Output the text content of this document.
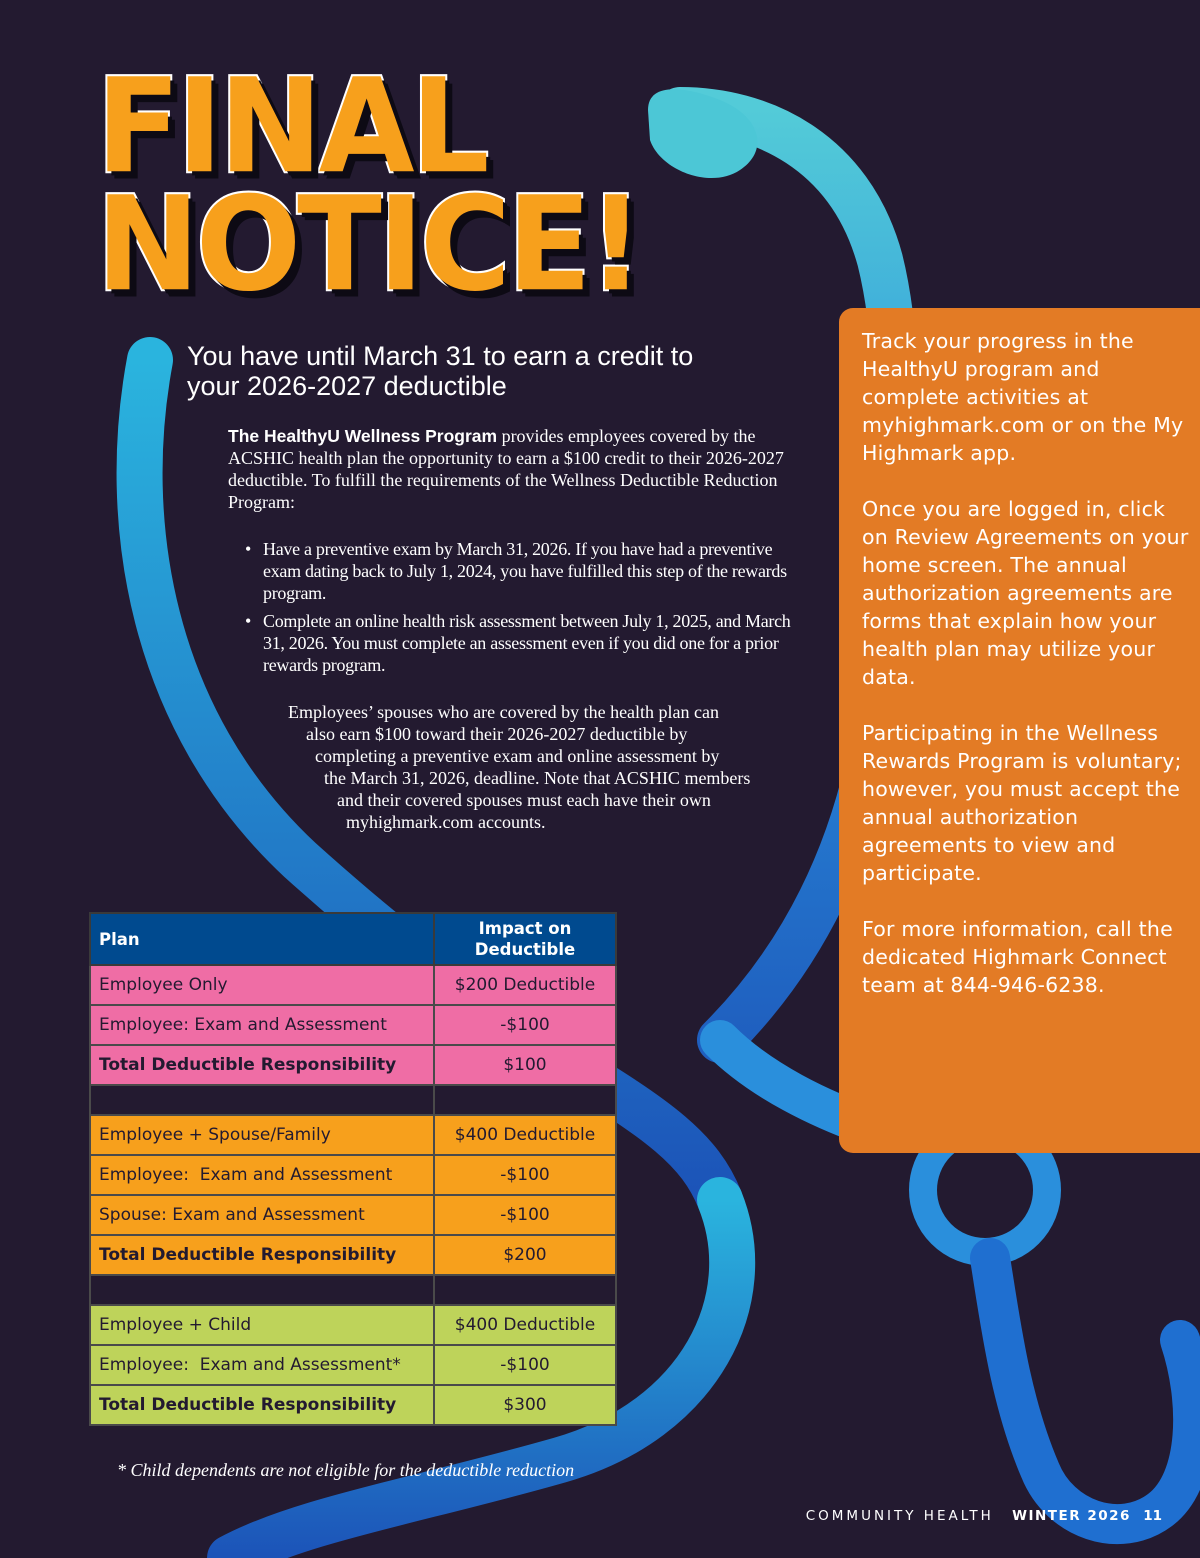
FINAL
NOTICE!
You have until March 31 to earn a credit to your 2026-2027 deductible
The HealthyU Wellness Program provides employees covered by the ACSHIC health plan the opportunity to earn a $100 credit to their 2026-2027 deductible. To fulfill the requirements of the Wellness Deductible Reduction Program:
• Have a preventive exam by March 31, 2026. If you have had a preventive exam dating back to July 1, 2024, you have fulfilled this step of the rewards program.
• Complete an online health risk assessment between July 1, 2025, and March 31, 2026. You must complete an assessment even if you did one for a prior rewards program.
Employees’ spouses who are covered by the health plan can
also earn $100 toward their 2026-2027 deductible by
completing a preventive exam and online assessment by
the March 31, 2026, deadline. Note that ACSHIC members
and their covered spouses must each have their own
myhighmark.com accounts.
Plan	Impact on Deductible
Employee Only	$200 Deductible
Employee: Exam and Assessment	-$100
Total Deductible Responsibility	$100

Employee + Spouse/Family	$400 Deductible
Employee:  Exam and Assessment	-$100
Spouse: Exam and Assessment	-$100
Total Deductible Responsibility	$200

Employee + Child	$400 Deductible
Employee:  Exam and Assessment*	-$100
Total Deductible Responsibility	$300
* Child dependents are not eligible for the deductible reduction

Track your progress in the HealthyU program and complete activities at myhighmark.com or on the My Highmark app.

Once you are logged in, click on Review Agreements on your home screen. The annual authorization agreements are forms that explain how your health plan may utilize your data.

Participating in the Wellness Rewards Program is voluntary; however, you must accept the annual authorization agreements to view and participate.

For more information, call the dedicated Highmark Connect team at 844-946-6238.

COMMUNITY HEALTH WINTER 2026 11
